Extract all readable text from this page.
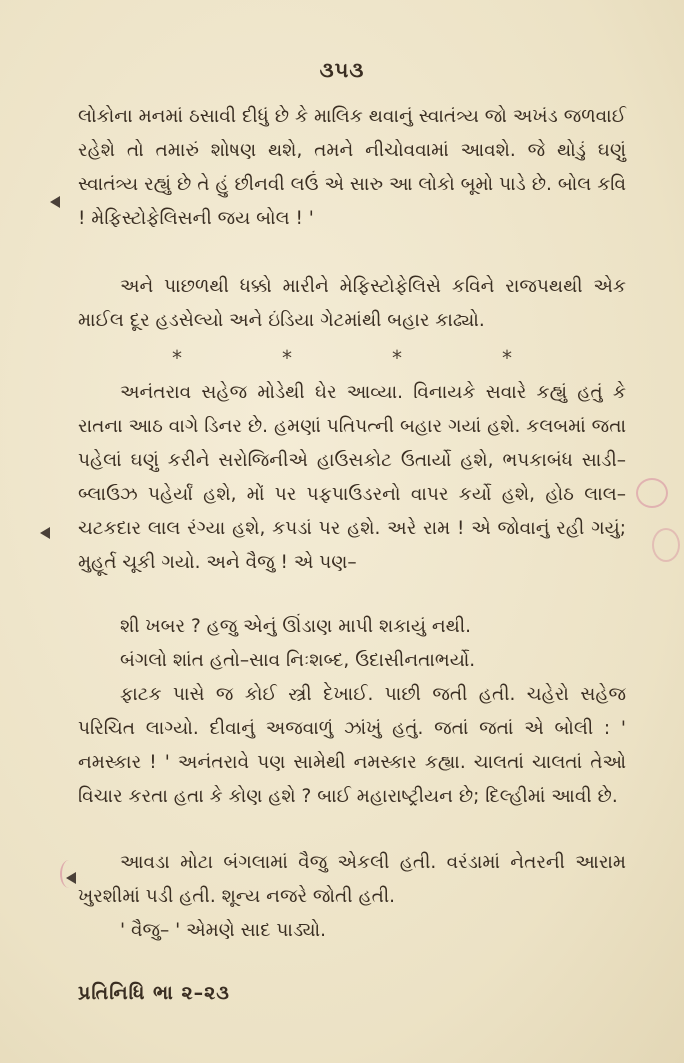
૩૫૩

લોકોના મનમાં ઠસાવી દીધું છે કે માલિક થવાનું સ્વાતંત્ર્ય જો અખંડ જળવાઈ રહેશે તો તમારું શોષણ થશે, તમને નીચોવવામાં આવશે. જે થોડું ઘણું સ્વાતંત્ર્ય રહ્યું છે તે હું છીનવી લઉં એ સારુ આ લોકો બૂમો પાડે છે. બોલ કવિ ! મેફિસ્ટોફેલિસની જય બોલ ! '

અને પાછળથી ધક્કો મારીને મેફિસ્ટોફેલિસે કવિને રાજપથથી એક માઈલ દૂર હડસેલ્યો અને ઇંડિયા ગેટમાંથી બહાર કાઢ્યો.

*	*	*	*

અનંતરાવ સહેજ મોડેથી ઘેર આવ્યા. વિનાયકે સવારે કહ્યું હતું કે રાતના આઠ વાગે ડિનર છે. હમણાં પતિપત્ની બહાર ગયાં હશે. કલબમાં જતા પહેલાં ઘણું કરીને સરોજિનીએ હાઉસકોટ ઉતાર્યો હશે, ભપકાબંધ સાડી–બ્લાઉઝ પહેર્યાં હશે, મોં પર પફપાઉડરનો વાપર કર્યો હશે, હોઠ લાલ–ચટકદાર લાલ રંગ્યા હશે, કપડાં પર હશે. અરે રામ ! એ જોવાનું રહી ગયું; મુહૂર્ત ચૂકી ગયો. અને વૈજુ ! એ પણ–

શી ખબર ? હજુ એનું ઊંડાણ માપી શકાયું નથી.

બંગલો શાંત હતો–સાવ નિઃશબ્દ, ઉદાસીનતાભર્યો.

ફાટક પાસે જ કોઈ સ્ત્રી દેખાઈ. પાછી જતી હતી. ચહેરો સહેજ પરિચિત લાગ્યો. દીવાનું અજવાળું ઝાંખું હતું. જતાં જતાં એ બોલી : ' નમસ્કાર ! ' અનંતરાવે પણ સામેથી નમસ્કાર કહ્યા. ચાલતાં ચાલતાં તેઓ વિચાર કરતા હતા કે કોણ હશે ? બાઈ મહારાષ્ટ્રીયન છે; દિલ્હીમાં આવી છે.

આવડા મોટા બંગલામાં વૈજુ એકલી હતી. વરંડામાં નેતરની આરામ ખુરશીમાં પડી હતી. શૂન્ય નજરે જોતી હતી.

' વૈજુ– ' એમણે સાદ પાડ્યો.

પ્રતિનિધિ ભા ૨–૨૩
